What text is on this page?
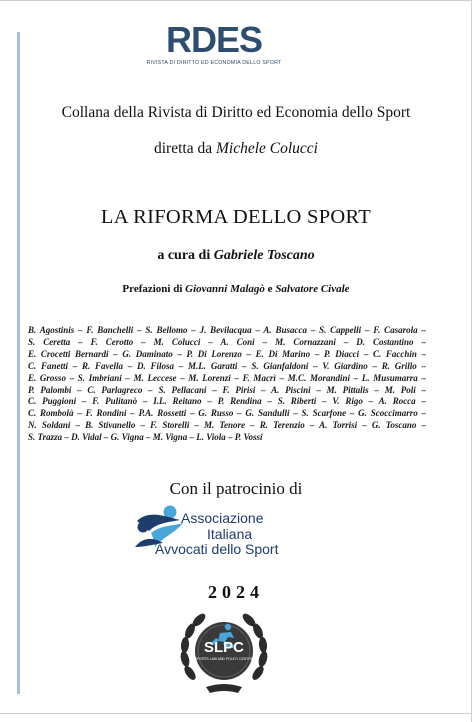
RDES
RIVISTA DI DIRITTO ED ECONOMIA DELLO SPORT
Collana della Rivista di Diritto ed Economia dello Sport
diretta da Michele Colucci
LA RIFORMA DELLO SPORT
a cura di Gabriele Toscano
Prefazioni di Giovanni Malagò e Salvatore Civale
B. Agostinis – F. Banchelli – S. Bellomo – J. Bevilacqua – A. Busacca – S. Cappelli – F. Casarola –
S. Ceretta – F. Cerotto – M. Colucci – A. Coni – M. Cornazzani – D. Costantino –
E. Crocetti Bernardi – G. Daminato – P. Di Lorenzo – E. Di Marino – P. Diacci – C. Facchin –
C. Fanetti – R. Favella – D. Filosa – M.L. Garatti – S. Gianfaldoni – V. Giardino – R. Grillo –
E. Grosso – S. Imbriani – M. Leccese – M. Lorenzi – F. Macrì – M.C. Morandini – L. Musumarra –
P. Palombi – C. Parlagreco – S. Pellacani – F. Pirisi – A. Piscini – M. Pittalis – M. Poli –
C. Puggioni – F. Pulitanò – I.L. Reitano – P. Rendina – S. Riberti – V. Rigo – A. Rocca –
C. Rombolà – F. Rondini – P.A. Rossetti – G. Russo – G. Sandulli – S. Scarfone – G. Scoccimarro –
N. Soldani – B. Stivanello – F. Storelli – M. Tenore – R. Terenzio – A. Torrisi – G. Toscano –
S. Trazza – D. Vidal – G. Vigna – M. Vigna – L. Viola – P. Vossi
Con il patrocinio di
Associazione
Italiana
Avvocati dello Sport
2024
SLPC
SPORTS LAW AND POLICY CENTRE
